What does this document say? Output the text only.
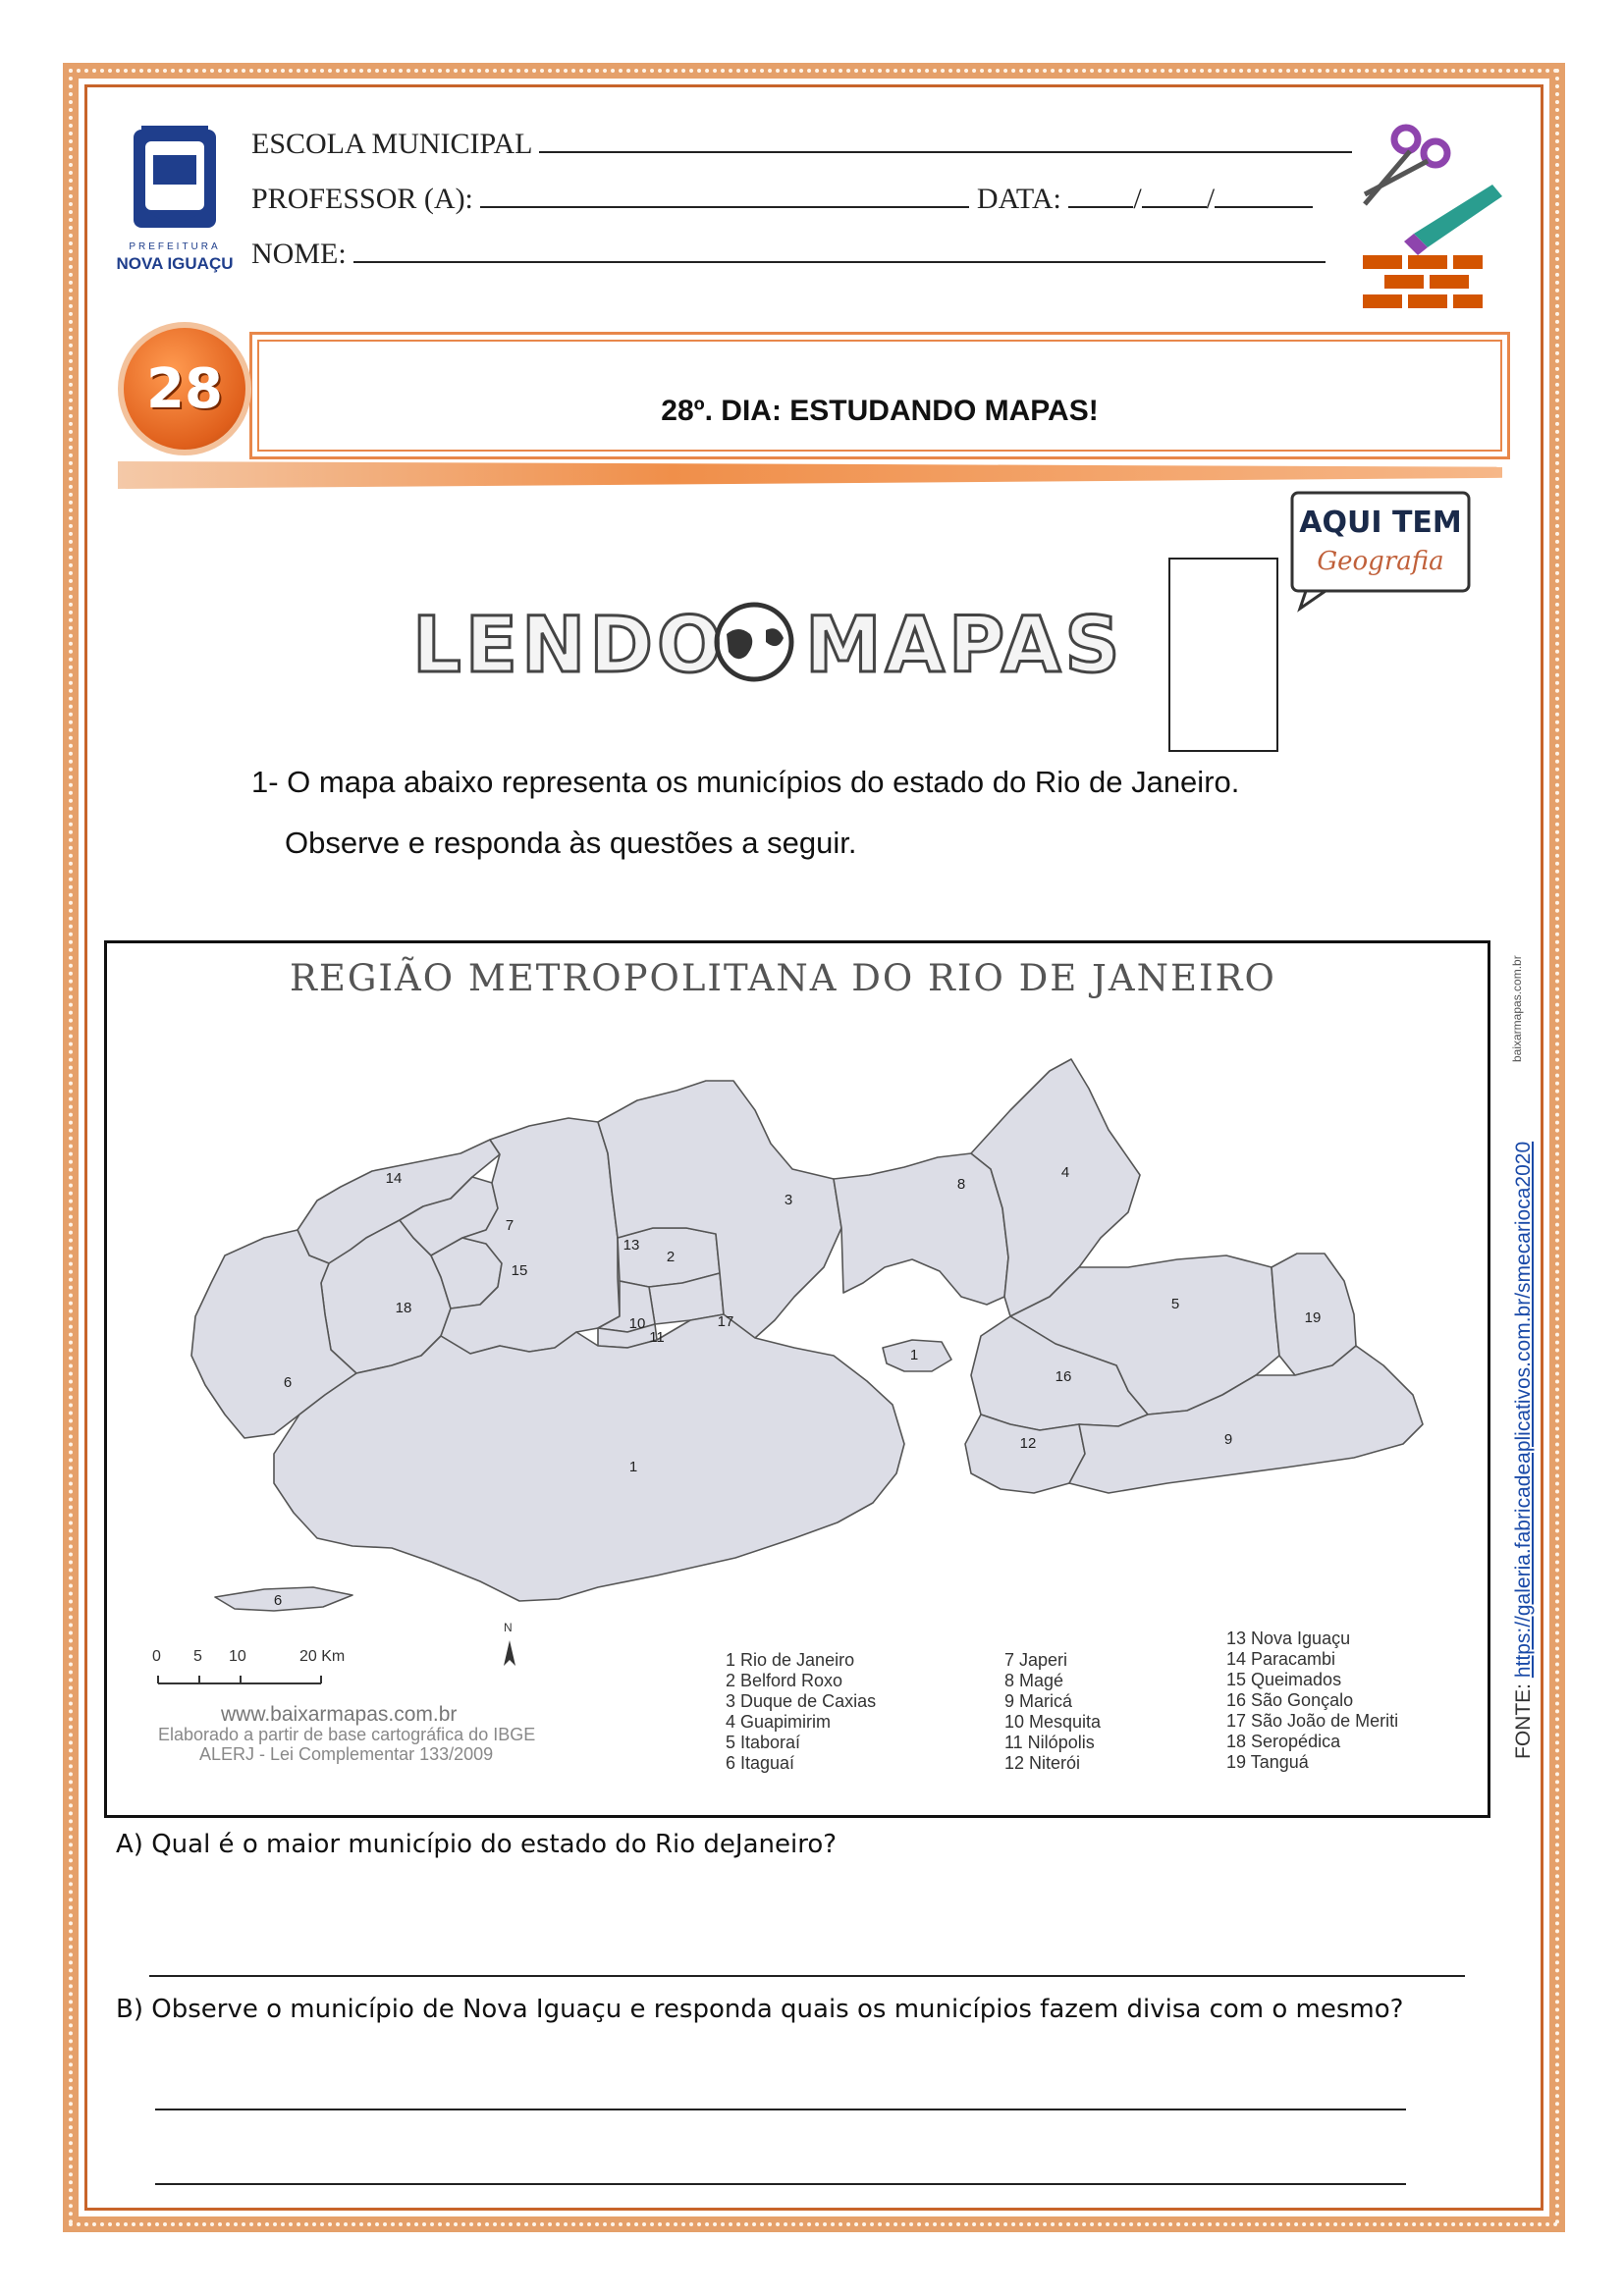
PREFEITURA
NOVA IGUAÇU
ESCOLA MUNICIPAL
PROFESSOR (A):	DATA: / /
NOME:
28	28º. DIA: ESTUDANDO MAPAS!
AQUI TEM
Geografia
LENDO MAPAS
1- O mapa abaixo representa os municípios do estado do Rio de Janeiro.
Observe e responda às questões a seguir.
REGIÃO METROPOLITANA DO RIO DE JANEIRO
1
1
2
3
4
5
6
6
7
8
9
10
11
12
13
14
15
16
17
18
19
0 5 10	20 Km
N
1 Rio de Janeiro
2 Belford Roxo
3 Duque de Caxias
4 Guapimirim
5 Itaboraí
6 Itaguaí
7 Japeri
8 Magé
9 Maricá
10 Mesquita
11 Nilópolis
12 Niterói
13 Nova Iguaçu
14 Paracambi
15 Queimados
16 São Gonçalo
17 São João de Meriti
18 Seropédica
19 Tanguá
www.baixarmapas.com.br
Elaborado a partir de base cartográfica do IBGE
ALERJ - Lei Complementar 133/2009
baixarmapas.com.br
FONTE: https://galeria.fabricadeaplicativos.com.br/smecarioca2020
A) Qual é o maior município do estado do Rio deJaneiro?
B) Observe o município de Nova Iguaçu e responda quais os municípios fazem divisa com o mesmo?
